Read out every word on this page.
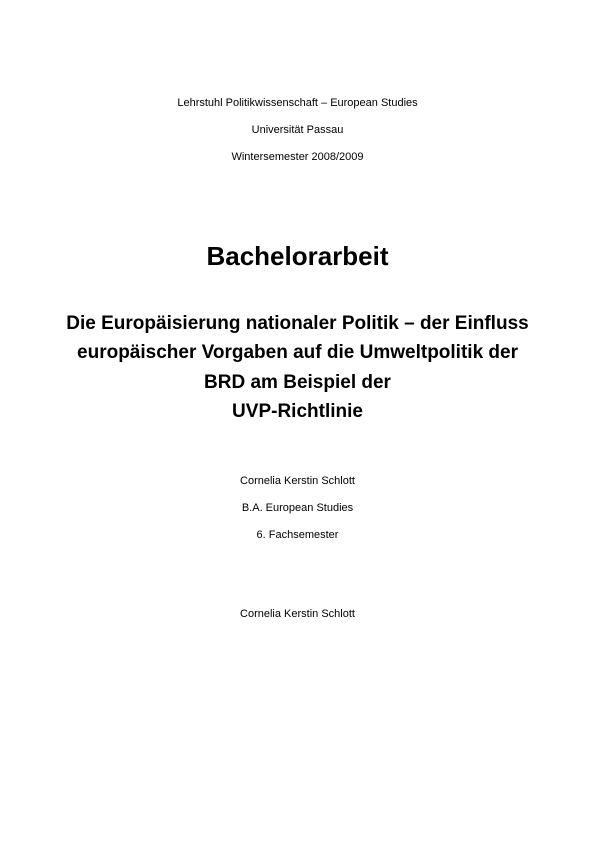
Lehrstuhl Politikwissenschaft – European Studies
Universität Passau
Wintersemester 2008/2009
Bachelorarbeit
Die Europäisierung nationaler Politik – der Einfluss
europäischer Vorgaben auf die Umweltpolitik der
BRD am Beispiel der
UVP-Richtlinie
Cornelia Kerstin Schlott
B.A. European Studies
6. Fachsemester
Cornelia Kerstin Schlott
